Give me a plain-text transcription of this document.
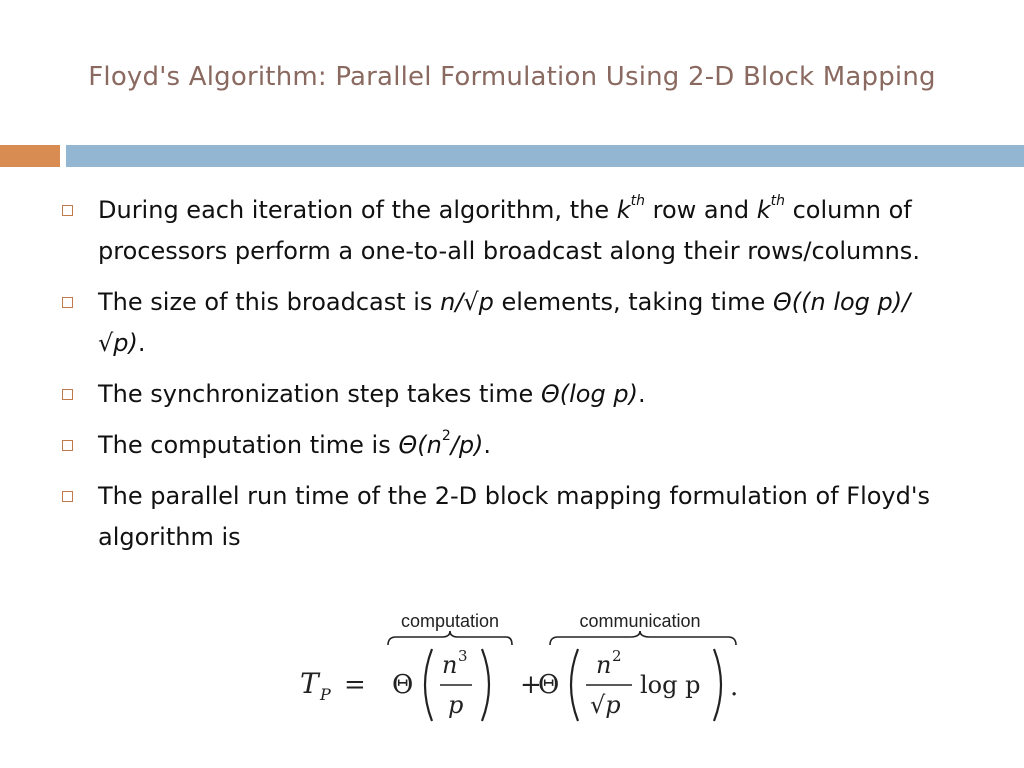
Floyd's Algorithm: Parallel Formulation Using 2-D Block Mapping
During each iteration of the algorithm, the $k^{th}$ row and $k^{th}$ column of processors perform a one-to-all broadcast along their rows/columns.
The size of this broadcast is n/√p elements, taking time Θ((n log p)/ √p).
The synchronization step takes time Θ(log p).
The computation time is $\Theta(n^2/p)$.
The parallel run time of the 2-D block mapping formulation of Floyd's algorithm is
computation	communication
T P = Θ
n 3
p
+
Θ
n 2
√p
log p .
